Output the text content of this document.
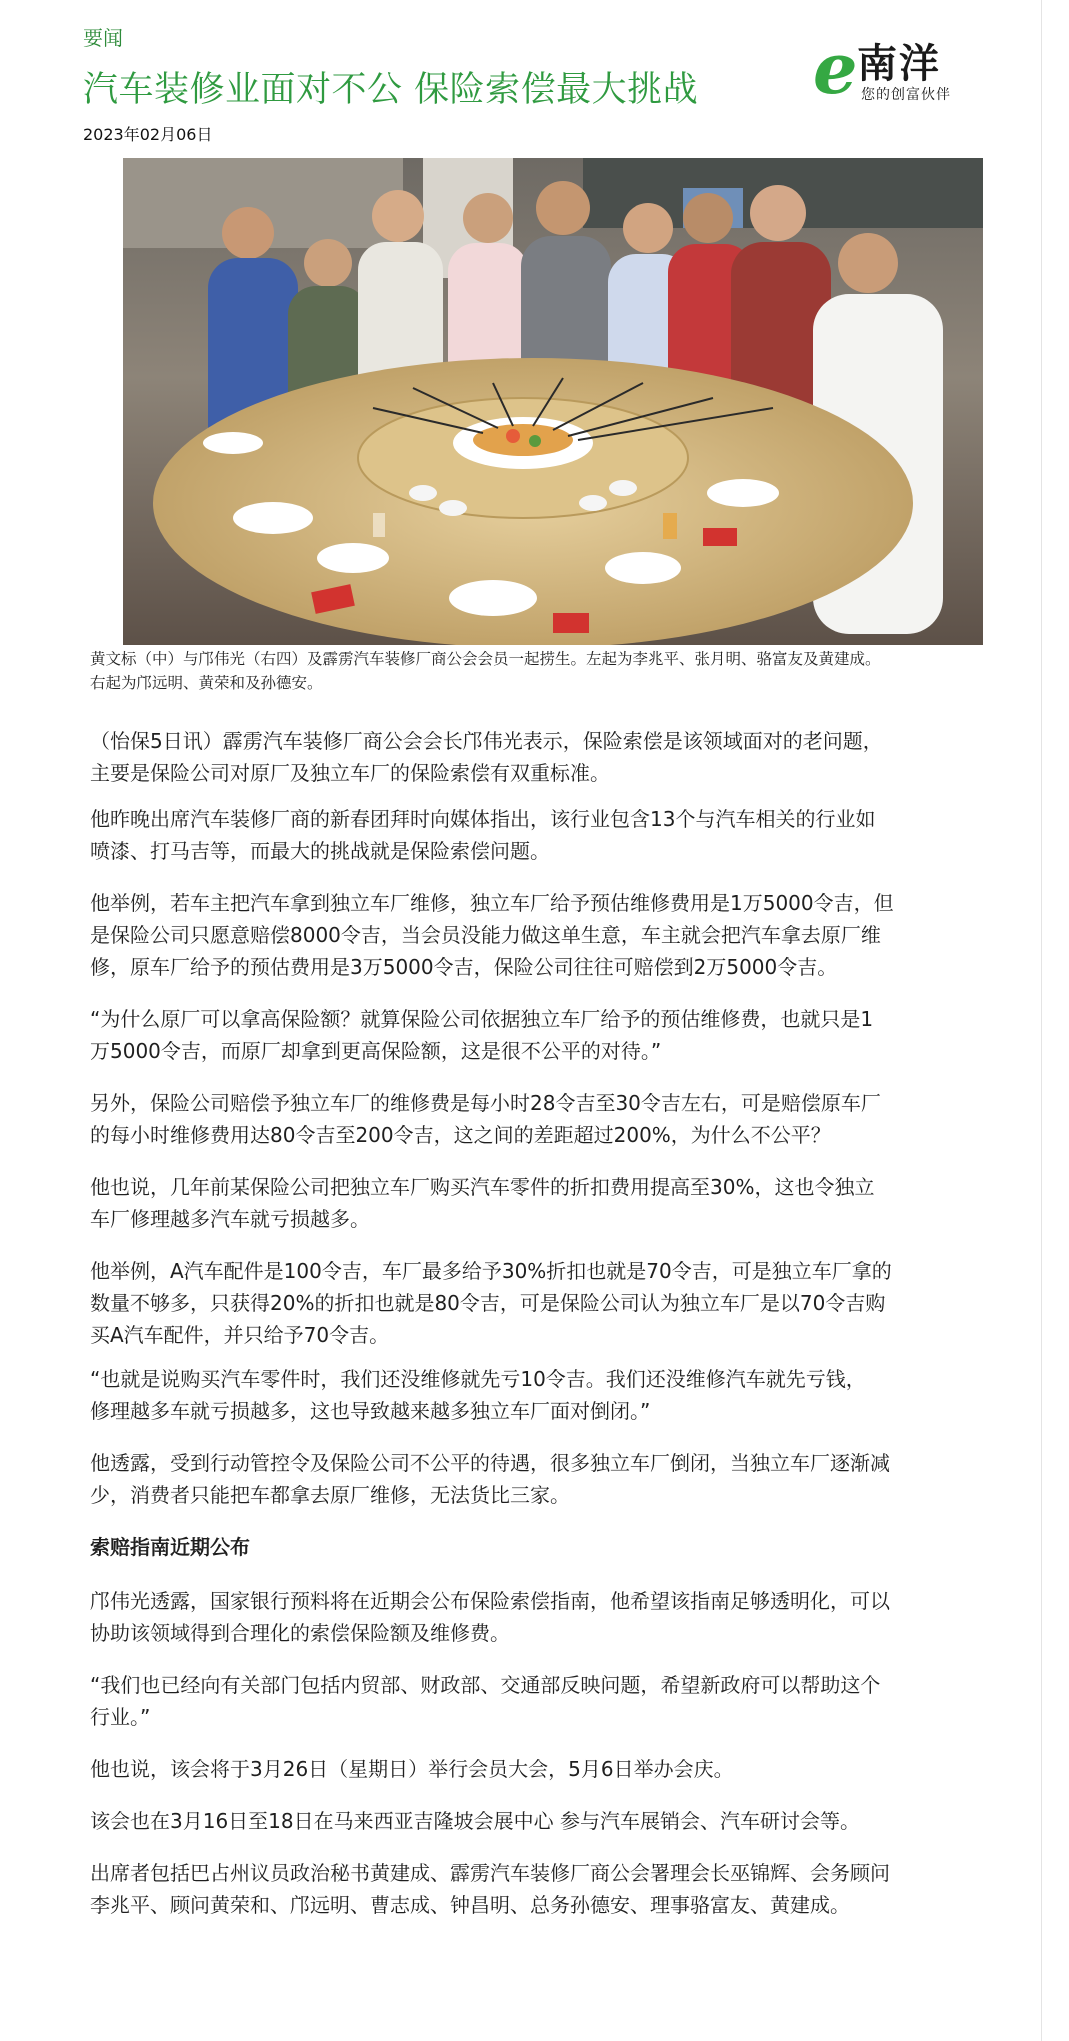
要闻
汽车装修业面对不公 保险索偿最大挑战
2023年02月06日
e 南洋
您的创富伙伴
黄文标（中）与邝伟光（右四）及霹雳汽车装修厂商公会会员一起捞生。左起为李兆平、张月明、骆富友及黄建成。
右起为邝远明、黄荣和及孙德安。
（怡保5日讯）霹雳汽车装修厂商公会会长邝伟光表示，保险索偿是该领域面对的老问题，
主要是保险公司对原厂及独立车厂的保险索偿有双重标准。
他昨晚出席汽车装修厂商的新春团拜时向媒体指出，该行业包含13个与汽车相关的行业如
喷漆、打马吉等，而最大的挑战就是保险索偿问题。
他举例，若车主把汽车拿到独立车厂维修，独立车厂给予预估维修费用是1万5000令吉，但
是保险公司只愿意赔偿8000令吉，当会员没能力做这单生意，车主就会把汽车拿去原厂维
修，原车厂给予的预估费用是3万5000令吉，保险公司往往可赔偿到2万5000令吉。
“为什么原厂可以拿高保险额？就算保险公司依据独立车厂给予的预估维修费，也就只是1
万5000令吉，而原厂却拿到更高保险额，这是很不公平的对待。”
另外，保险公司赔偿予独立车厂的维修费是每小时28令吉至30令吉左右，可是赔偿原车厂
的每小时维修费用达80令吉至200令吉，这之间的差距超过200%，为什么不公平？
他也说，几年前某保险公司把独立车厂购买汽车零件的折扣费用提高至30%，这也令独立
车厂修理越多汽车就亏损越多。
他举例，A汽车配件是100令吉，车厂最多给予30%折扣也就是70令吉，可是独立车厂拿的
数量不够多，只获得20%的折扣也就是80令吉，可是保险公司认为独立车厂是以70令吉购
买A汽车配件，并只给予70令吉。
“也就是说购买汽车零件时，我们还没维修就先亏10令吉。我们还没维修汽车就先亏钱，
修理越多车就亏损越多，这也导致越来越多独立车厂面对倒闭。”
他透露，受到行动管控令及保险公司不公平的待遇，很多独立车厂倒闭，当独立车厂逐渐减
少，消费者只能把车都拿去原厂维修，无法货比三家。
索赔指南近期公布
邝伟光透露，国家银行预料将在近期会公布保险索偿指南，他希望该指南足够透明化，可以
协助该领域得到合理化的索偿保险额及维修费。
“我们也已经向有关部门包括内贸部、财政部、交通部反映问题，希望新政府可以帮助这个
行业。”
他也说，该会将于3月26日（星期日）举行会员大会，5月6日举办会庆。
该会也在3月16日至18日在马来西亚吉隆坡会展中心 参与汽车展销会、汽车研讨会等。
出席者包括巴占州议员政治秘书黄建成、霹雳汽车装修厂商公会署理会长巫锦辉、会务顾问
李兆平、顾问黄荣和、邝远明、曹志成、钟昌明、总务孙德安、理事骆富友、黄建成。
